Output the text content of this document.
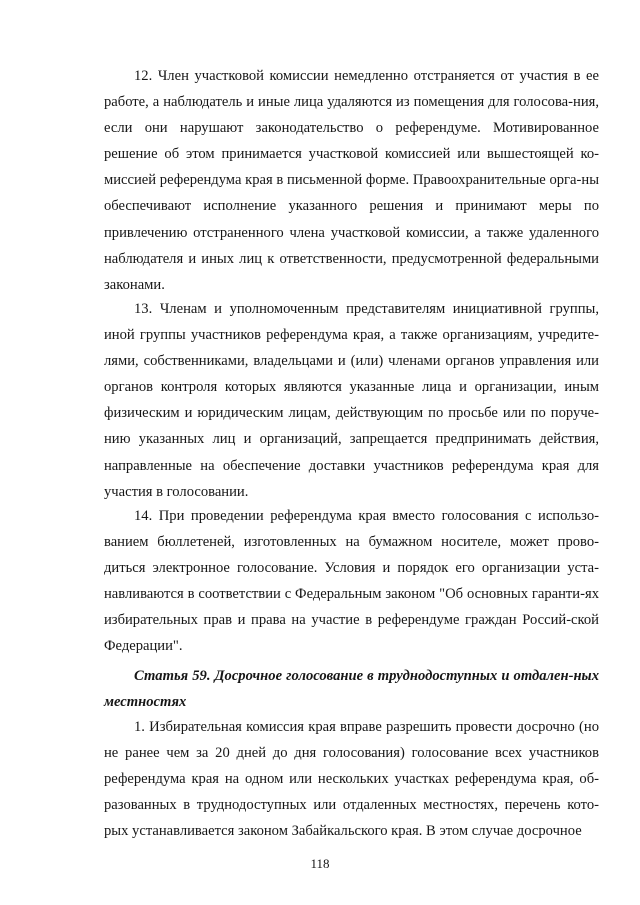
12. Член участковой комиссии немедленно отстраняется от участия в ее работе, а наблюдатель и иные лица удаляются из помещения для голосова-ния, если они нарушают законодательство о референдуме. Мотивированное решение об этом принимается участковой комиссией или вышестоящей ко-миссией референдума края в письменной форме. Правоохранительные орга-ны обеспечивают исполнение указанного решения и принимают меры по привлечению отстраненного члена участковой комиссии, а также удаленного наблюдателя и иных лиц к ответственности, предусмотренной федеральными законами.

13. Членам и уполномоченным представителям инициативной группы, иной группы участников референдума края, а также организациям, учредите-лями, собственниками, владельцами и (или) членами органов управления или органов контроля которых являются указанные лица и организации, иным физическим и юридическим лицам, действующим по просьбе или по поруче-нию указанных лиц и организаций, запрещается предпринимать действия, направленные на обеспечение доставки участников референдума края для участия в голосовании.

14. При проведении референдума края вместо голосования с использо-ванием бюллетеней, изготовленных на бумажном носителе, может прово-диться электронное голосование. Условия и порядок его организации уста-навливаются в соответствии с Федеральным законом "Об основных гаранти-ях избирательных прав и права на участие в референдуме граждан Россий-ской Федерации".

Статья 59. Досрочное голосование в труднодоступных и отдален-ных местностях

1. Избирательная комиссия края вправе разрешить провести досрочно (но не ранее чем за 20 дней до дня голосования) голосование всех участников референдума края на одном или нескольких участках референдума края, об-разованных в труднодоступных или отдаленных местностях, перечень кото-рых устанавливается законом Забайкальского края. В этом случае досрочное

118
